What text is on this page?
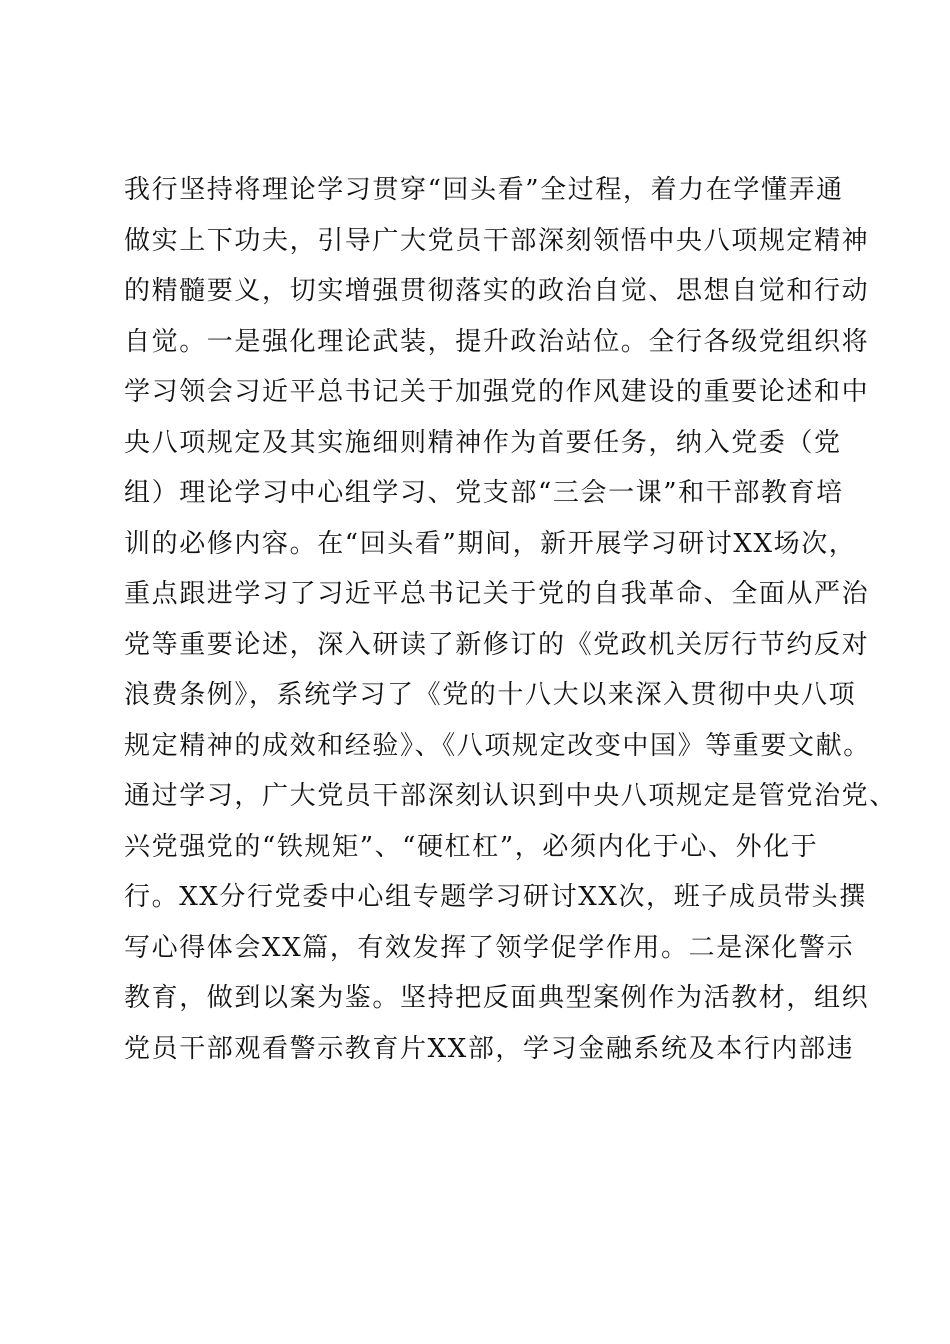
我行坚持将理论学习贯穿“回头看”全过程，着力在学懂弄通
做实上下功夫，引导广大党员干部深刻领悟中央八项规定精神
的精髓要义，切实增强贯彻落实的政治自觉、思想自觉和行动
自觉。一是强化理论武装，提升政治站位。全行各级党组织将
学习领会习近平总书记关于加强党的作风建设的重要论述和中
央八项规定及其实施细则精神作为首要任务，纳入党委（党
组）理论学习中心组学习、党支部“三会一课”和干部教育培
训的必修内容。在“回头看”期间，新开展学习研讨XX场次，
重点跟进学习了习近平总书记关于党的自我革命、全面从严治
党等重要论述，深入研读了新修订的《党政机关厉行节约反对
浪费条例》，系统学习了《党的十八大以来深入贯彻中央八项
规定精神的成效和经验》、《八项规定改变中国》等重要文献。
通过学习，广大党员干部深刻认识到中央八项规定是管党治党、
兴党强党的“铁规矩”、“硬杠杠”，必须内化于心、外化于
行。XX分行党委中心组专题学习研讨XX次，班子成员带头撰
写心得体会XX篇，有效发挥了领学促学作用。二是深化警示
教育，做到以案为鉴。坚持把反面典型案例作为活教材，组织
党员干部观看警示教育片XX部，学习金融系统及本行内部违
